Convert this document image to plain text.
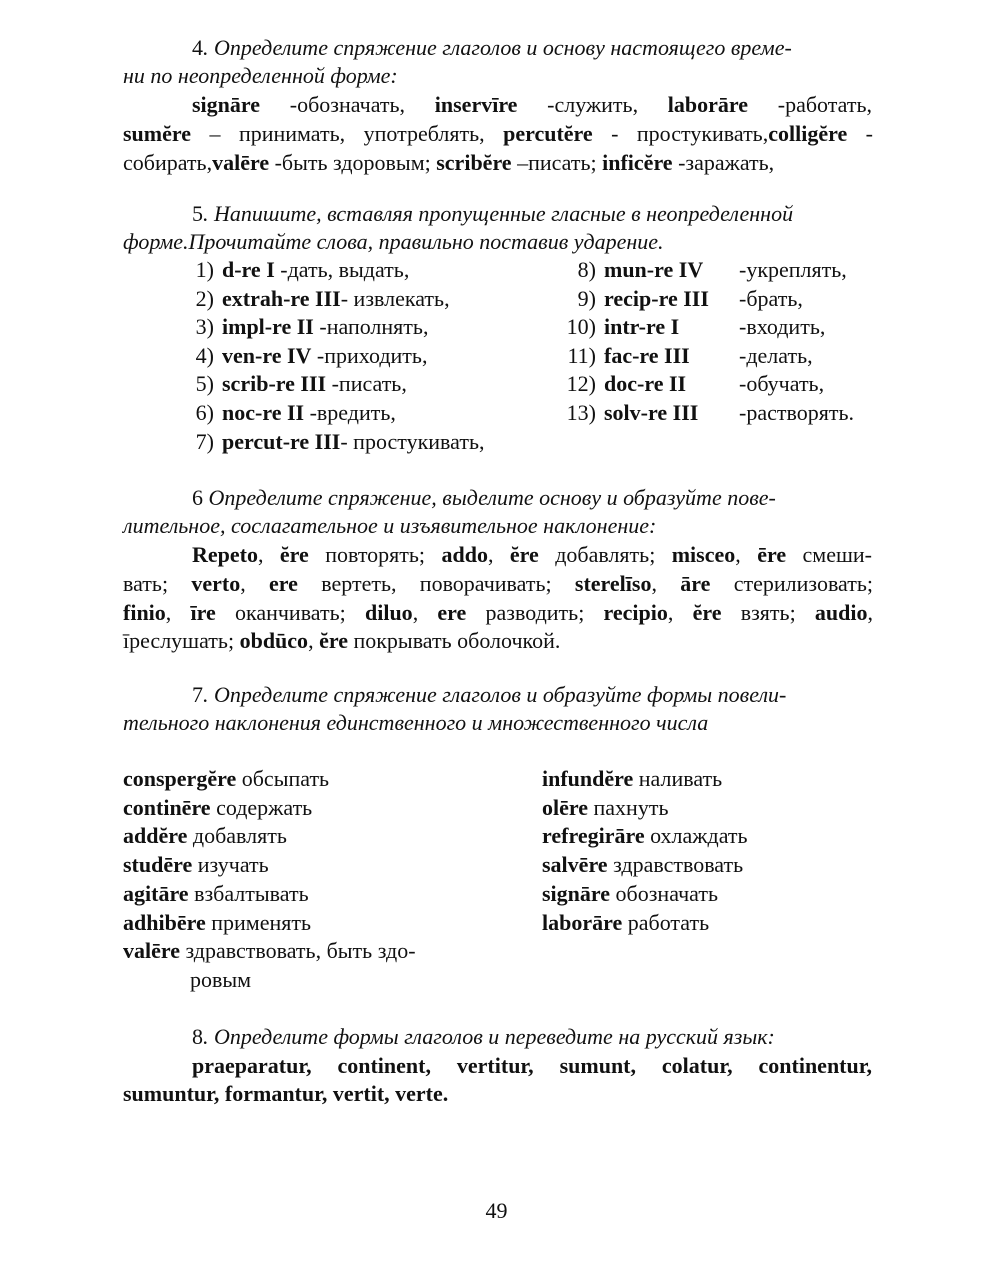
4. Определите спряжение глаголов и основу настоящего време-
ни по неопределенной форме:
signāre -обозначать, inservīre -служить, laborāre -работать,
sumĕre – принимать, употреблять, percutĕre - простукивать,colligĕre -
собирать,valēre -быть здоровым; scribĕre –писать; inficĕre -заражать,
5. Напишите, вставляя пропущенные гласные в неопределенной
форме.Прочитайте слова, правильно поставив ударение.
1) d-re I -дать, выдать,
2) extrah-re III- извлекать,
3) impl-re II -наполнять,
4) ven-re IV -приходить,
5) scrib-re III -писать,
6) noc-re II -вредить,
7) percut-re III- простукивать,
8) mun-re IV -укреплять,
9) recip-re III -брать,
10) intr-re I	-входить,
11) fac-re III -делать,
12) doc-re II -обучать,
13) solv-re III -растворять.
6 Определите спряжение, выделите основу и образуйте пове-
лительное, сослагательное и изъявительное наклонение:
Repeto, ĕre повторять; addo, ĕre добавлять; misceo, ēre смеши-
вать; verto, ere вертеть, поворачивать; sterelīso, āre стерилизовать;
finio, īre оканчивать; diluo, ere разводить; recipio, ĕre взять; audio,
īреслушать; obdūco, ĕre покрывать оболочкой.
7. Определите спряжение глаголов и образуйте формы повели-
тельного наклонения единственного и множественного числа
conspergĕre обсыпать
continēre содержать
addĕre добавлять
studēre изучать
agitāre взбалтывать
adhibēre применять
valēre здравствовать, быть здо-
infundĕre наливать
olēre пахнуть
refregirāre охлаждать
salvēre здравствовать
signāre обозначать
laborāre работать
ровым
8. Определите формы глаголов и переведите на русский язык:
praeparatur, continent, vertitur, sumunt, colatur, continentur,
sumuntur, formantur, vertit, verte.
49
